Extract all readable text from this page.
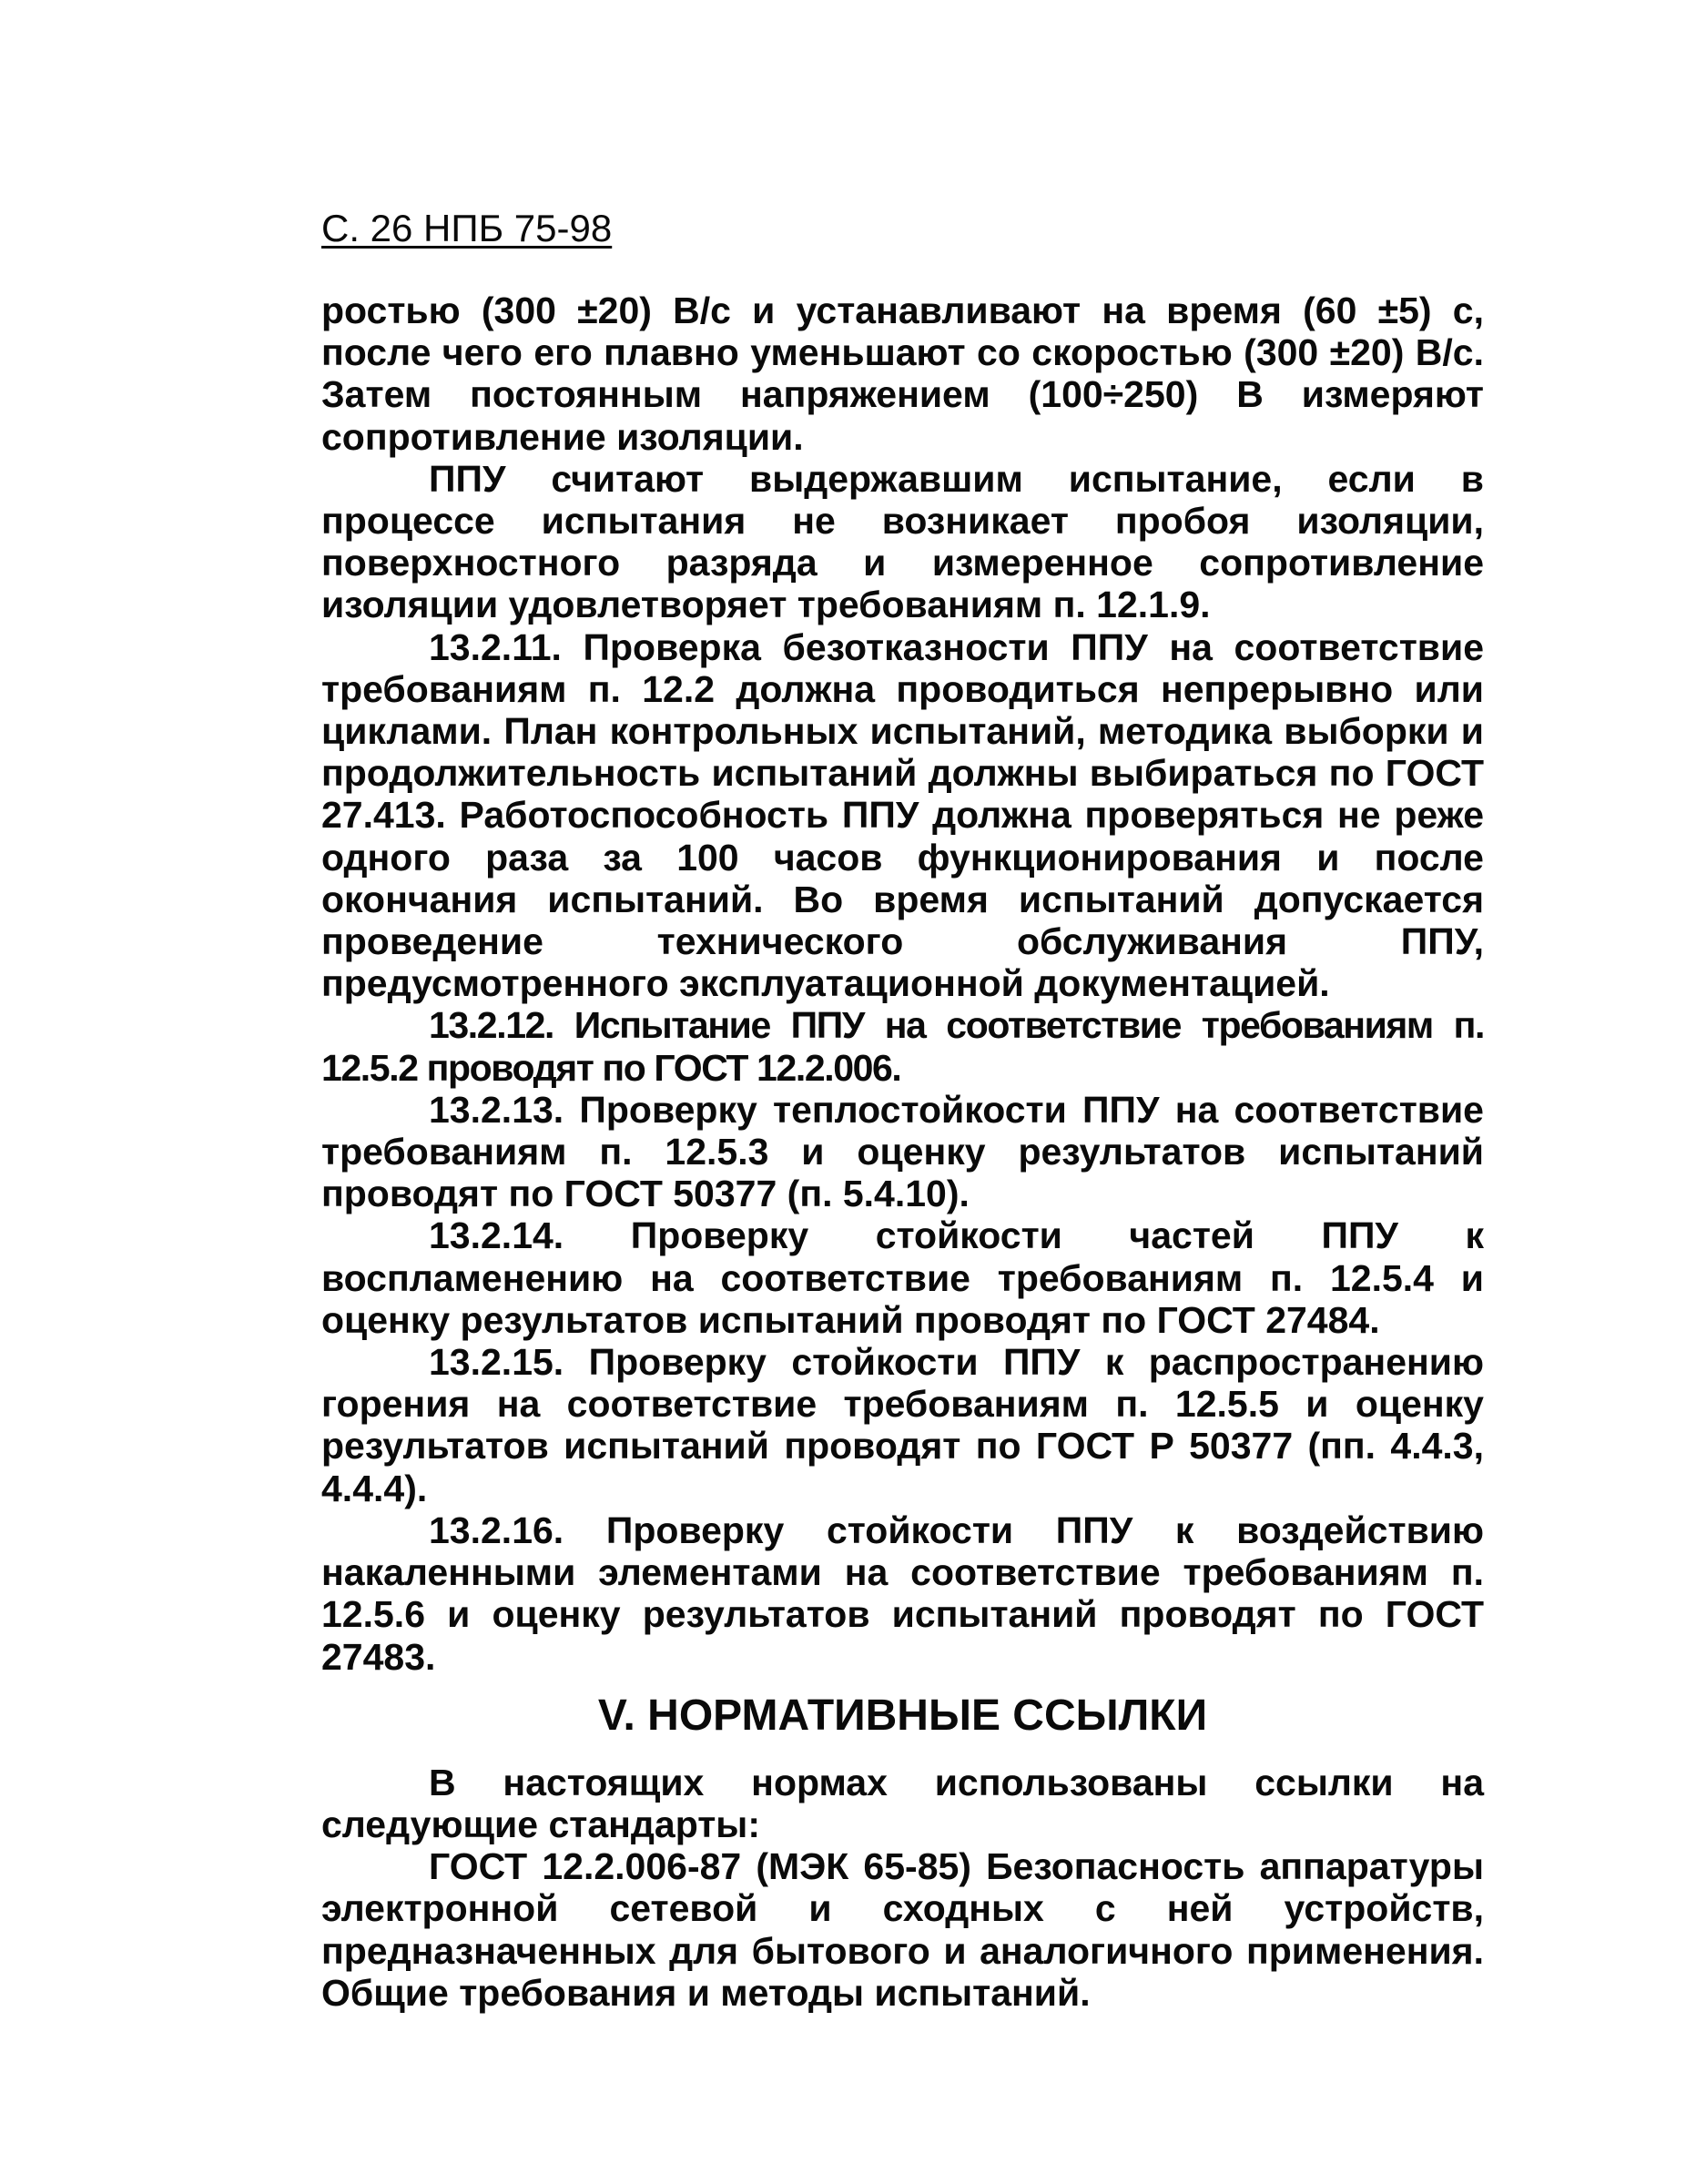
С. 26 НПБ 75-98

ростью (300 ±20) В/с и устанавливают на время (60 ±5) с, после чего его плавно уменьшают со скоростью (300 ±20) В/с. Затем постоянным напряжением (100÷250) В измеряют сопротивление изоляции.

ППУ считают выдержавшим испытание, если в процессе испытания не возникает пробоя изоляции, поверхностного разряда и измеренное сопротивление изоляции удовлетворяет требованиям п. 12.1.9.

13.2.11. Проверка безотказности ППУ на соответствие требованиям п. 12.2 должна проводиться непрерывно или циклами. План контрольных испытаний, методика выборки и продолжительность испытаний должны выбираться по ГОСТ 27.413. Работоспособность ППУ должна проверяться не реже одного раза за 100 часов функционирования и после окончания испытаний. Во время испытаний допускается проведение технического обслуживания ППУ, предусмотренного эксплуатационной документацией.

13.2.12. Испытание ППУ на соответствие требованиям п. 12.5.2 проводят по ГОСТ 12.2.006.

13.2.13. Проверку теплостойкости ППУ на соответствие требованиям п. 12.5.3 и оценку результатов испытаний проводят по ГОСТ 50377 (п. 5.4.10).

13.2.14. Проверку стойкости частей ППУ к воспламенению на соответствие требованиям п. 12.5.4 и оценку результатов испытаний проводят по ГОСТ 27484.

13.2.15. Проверку стойкости ППУ к распространению горения на соответствие требованиям п. 12.5.5 и оценку результатов испытаний проводят по ГОСТ Р 50377 (пп. 4.4.3, 4.4.4).

13.2.16. Проверку стойкости ППУ к воздействию накаленными элементами на соответствие требованиям п. 12.5.6 и оценку результатов испытаний проводят по ГОСТ 27483.

V. НОРМАТИВНЫЕ ССЫЛКИ

В настоящих нормах использованы ссылки на следующие стандарты:

ГОСТ 12.2.006-87 (МЭК 65-85) Безопасность аппаратуры электронной сетевой и сходных с ней устройств, предназначенных для бытового и аналогичного применения. Общие требования и методы испытаний.
